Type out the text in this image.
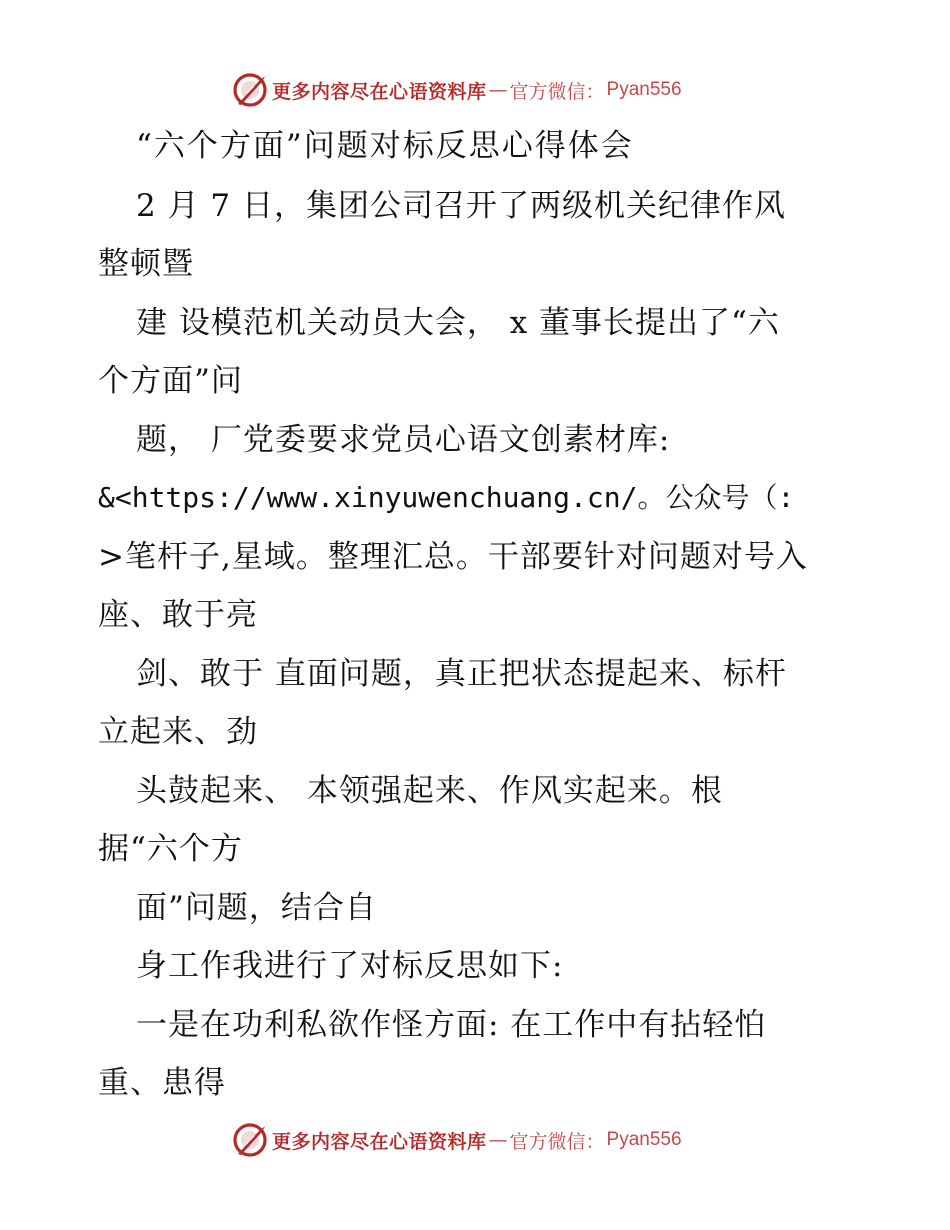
更多内容尽在心语资料库 — 官方微信： Pyan556
“六个方面”问题对标反思心得体会
2 月 7 日，集团公司召开了两级机关纪律作风
整顿暨
建 设模范机关动员大会， x 董事长提出了“六
个方面”问
题， 厂党委要求党员心语文创素材库:
&<https://www.xinyuwenchuang.cn/。公众号（:
>笔杆子,星域。整理汇总。干部要针对问题对号入
座、敢于亮
剑、敢于 直面问题，真正把状态提起来、标杆
立起来、劲
头鼓起来、 本领强起来、作风实起来。根
据“六个方
面”问题，结合自
身工作我进行了对标反思如下:
一是在功利私欲作怪方面: 在工作中有拈轻怕
重、患得
更多内容尽在心语资料库 — 官方微信： Pyan556
